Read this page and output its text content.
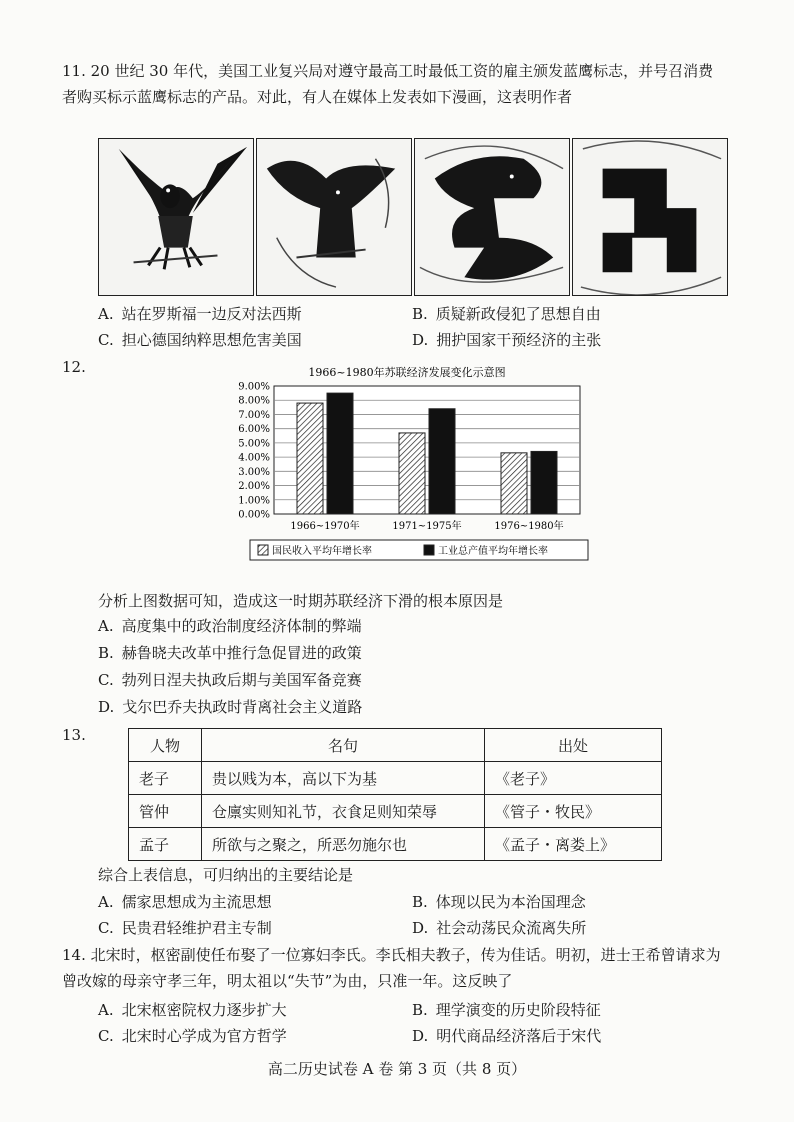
11. 20 世纪 30 年代，美国工业复兴局对遵守最高工时最低工资的雇主颁发蓝鹰标志，并号召消费者购买标示蓝鹰标志的产品。对此，有人在媒体上发表如下漫画，这表明作者
A. 站在罗斯福一边反对法西斯	B. 质疑新政侵犯了思想自由
C. 担心德国纳粹思想危害美国	D. 拥护国家干预经济的主张
12.	1966~1980年苏联经济发展变化示意图
0.00%
1.00%
2.00%
3.00%
4.00%
5.00%
6.00%
7.00%
8.00%
9.00%
1966~1970年	1971~1975年	1976~1980年
国民收入平均年增长率	工业总产值平均年增长率
分析上图数据可知，造成这一时期苏联经济下滑的根本原因是
A. 高度集中的政治制度经济体制的弊端
B. 赫鲁晓夫改革中推行急促冒进的政策
C. 勃列日涅夫执政后期与美国军备竞赛
D. 戈尔巴乔夫执政时背离社会主义道路
13.
人物	名句	出处
老子	贵以贱为本，高以下为基	《老子》
管仲	仓廪实则知礼节，衣食足则知荣辱	《管子・牧民》
孟子	所欲与之聚之，所恶勿施尔也	《孟子・离娄上》
综合上表信息，可归纳出的主要结论是
A. 儒家思想成为主流思想	B. 体现以民为本治国理念
C. 民贵君轻维护君主专制	D. 社会动荡民众流离失所
14. 北宋时，枢密副使任布娶了一位寡妇李氏。李氏相夫教子，传为佳话。明初，进士王希曾请求为曾改嫁的母亲守孝三年，明太祖以“失节”为由，只准一年。这反映了
A. 北宋枢密院权力逐步扩大	B. 理学演变的历史阶段特征
C. 北宋时心学成为官方哲学	D. 明代商品经济落后于宋代
高二历史试卷 A 卷 第 3 页（共 8 页）
